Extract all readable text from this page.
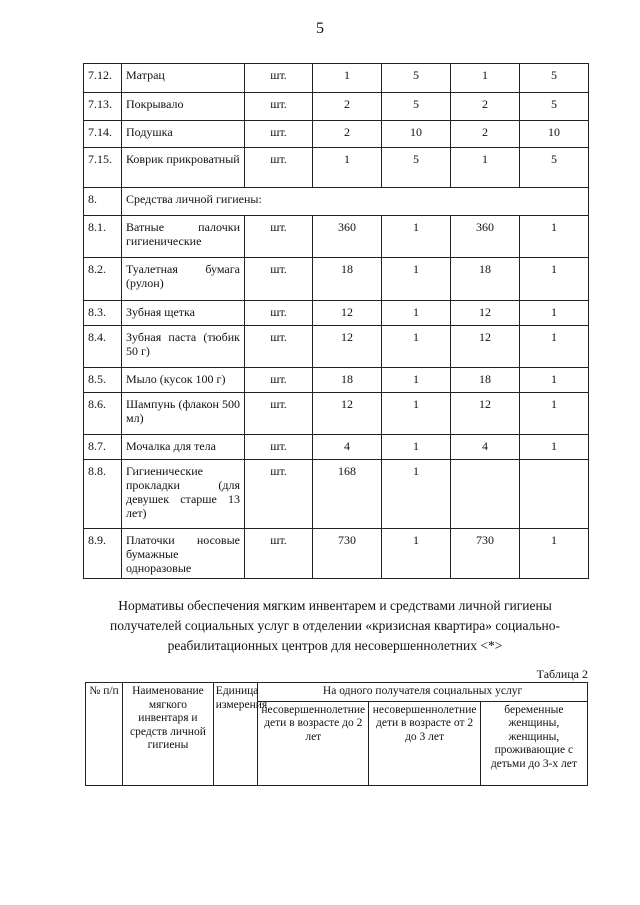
5
7.12.	Матрац	шт.	1	5	1	5
7.13.	Покрывало	шт.	2	5	2	5
7.14.	Подушка	шт.	2	10	2	10
7.15.	Коврик прикроватный	шт.	1	5	1	5
8.	Средства личной гигиены:					
8.1.	Ватные палочки гигиенические	шт.	360	1	360	1
8.2.	Туалетная бумага (рулон)	шт.	18	1	18	1
8.3.	Зубная щетка	шт.	12	1	12	1
8.4.	Зубная паста (тюбик 50 г)	шт.	12	1	12	1
8.5.	Мыло (кусок 100 г)	шт.	18	1	18	1
8.6.	Шампунь (флакон 500 мл)	шт.	12	1	12	1
8.7.	Мочалка для тела	шт.	4	1	4	1
8.8.	Гигиенические прокладки (для девушек старше 13 лет)	шт.	168	1		
8.9.	Платочки носовые бумажные одноразовые	шт.	730	1	730	1
Нормативы обеспечения мягким инвентарем и средствами личной гигиены
получателей социальных услуг в отделении «кризисная квартира» социально-
реабилитационных центров для несовершеннолетних <*>
Таблица 2
№ п/п	Наименование мягкого инвентаря и средств личной гигиены	Единица измерения	На одного получателя социальных услуг		
			несовершеннолетние дети в возрасте до 2 лет	несовершеннолетние дети в возрасте от 2 до 3 лет	беременные женщины, женщины, проживающие с детьми до 3-х лет
